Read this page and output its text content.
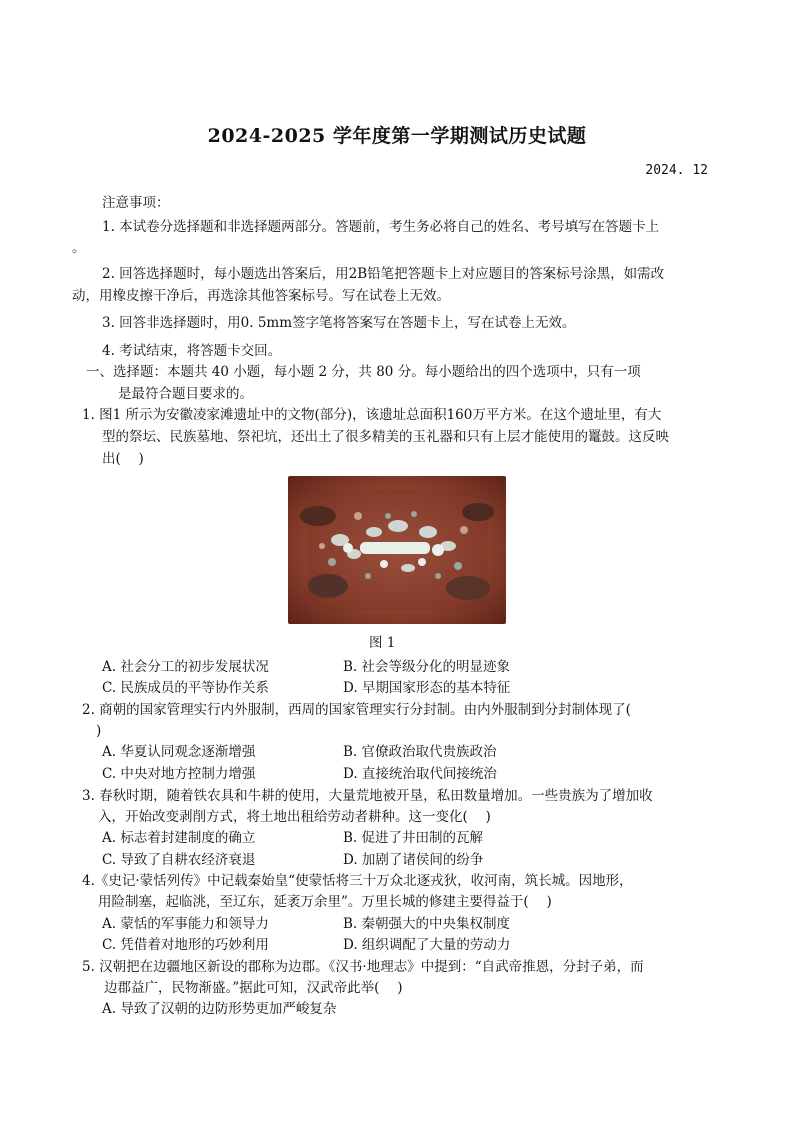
2024-2025 学年度第一学期测试历史试题
2024. 12
注意事项：
1. 本试卷分选择题和非选择题两部分。答题前，考生务必将自己的姓名、考号填写在答题卡上
。
2. 回答选择题时，每小题选出答案后，用2B铅笔把答题卡上对应题目的答案标号涂黑，如需改
动，用橡皮擦干净后，再选涂其他答案标号。写在试卷上无效。
3. 回答非选择题时，用0. 5mm签字笔将答案写在答题卡上，写在试卷上无效。
4. 考试结束，将答题卡交回。
一、选择题：本题共 40 小题，每小题 2 分，共 80 分。每小题给出的四个选项中，只有一项
是最符合题目要求的。
1. 图1 所示为安徽凌家滩遗址中的文物(部分)，该遗址总面积160万平方米。在这个遗址里，有大
型的祭坛、民族墓地、祭祀坑，还出土了很多精美的玉礼器和只有上层才能使用的鼍鼓。这反映
出(　 )
图 1
A. 社会分工的初步发展状况	B. 社会等级分化的明显迹象
C. 民族成员的平等协作关系	D. 早期国家形态的基本特征
2. 商朝的国家管理实行内外服制，西周的国家管理实行分封制。由内外服制到分封制体现了(
)
A. 华夏认同观念逐渐增强	B. 官僚政治取代贵族政治
C. 中央对地方控制力增强	D. 直接统治取代间接统治
3. 春秋时期，随着铁农具和牛耕的使用，大量荒地被开垦，私田数量增加。一些贵族为了增加收
入，开始改变剥削方式，将土地出租给劳动者耕种。这一变化(　 )
A. 标志着封建制度的确立	B. 促进了井田制的瓦解
C. 导致了自耕农经济衰退	D. 加剧了诸侯间的纷争
4.《史记·蒙恬列传》中记载秦始皇“使蒙恬将三十万众北逐戎狄，收河南，筑长城。因地形，
用险制塞，起临洮，至辽东，延袤万余里”。万里长城的修建主要得益于(　 )
A. 蒙恬的军事能力和领导力	B. 秦朝强大的中央集权制度
C. 凭借着对地形的巧妙利用	D. 组织调配了大量的劳动力
5. 汉朝把在边疆地区新设的郡称为边郡。《汉书·地理志》中提到：“自武帝推恩，分封子弟，而
边郡益广，民物渐盛。”据此可知，汉武帝此举(　 )
A. 导致了汉朝的边防形势更加严峻复杂
